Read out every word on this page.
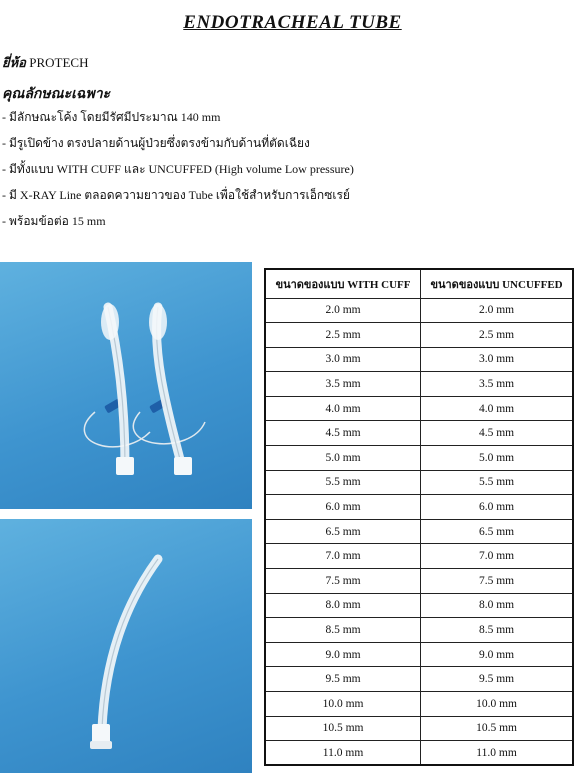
ENDOTRACHEAL TUBE
ยี่ห้อ PROTECH
คุณลักษณะเฉพาะ
- มีลักษณะโค้ง โดยมีรัศมีประมาณ 140 mm
- มีรูเปิดข้าง ตรงปลายด้านผู้ป่วยซึ่งตรงข้ามกับด้านที่ตัดเฉียง
- มีทั้งแบบ WITH CUFF และ UNCUFFED (High volume Low pressure)
- มี X-RAY Line ตลอดความยาวของ Tube เพื่อใช้สำหรับการเอ็กซเรย์
- พร้อมข้อต่อ 15 mm
ขนาดของแบบ WITH CUFF	ขนาดของแบบ UNCUFFED
2.0 mm	2.0 mm
2.5 mm	2.5 mm
3.0 mm	3.0 mm
3.5 mm	3.5 mm
4.0 mm	4.0 mm
4.5 mm	4.5 mm
5.0 mm	5.0 mm
5.5 mm	5.5 mm
6.0 mm	6.0 mm
6.5 mm	6.5 mm
7.0 mm	7.0 mm
7.5 mm	7.5 mm
8.0 mm	8.0 mm
8.5 mm	8.5 mm
9.0 mm	9.0 mm
9.5 mm	9.5 mm
10.0 mm	10.0 mm
10.5 mm	10.5 mm
11.0 mm	11.0 mm
